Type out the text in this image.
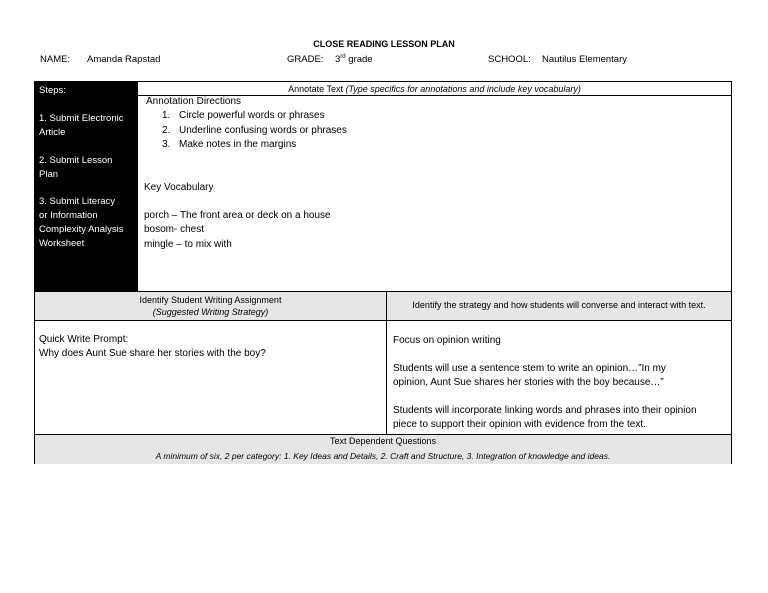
CLOSE READING LESSON PLAN
NAME: Amanda Rapstad	GRADE: 3rd grade	SCHOOL: Nautilus Elementary

Steps:

1. Submit Electronic

Article

2. Submit Lesson

Plan

3. Submit Literacy

or Information

Complexity Analysis

Worksheet

Annotate Text (Type specifics for annotations and include key vocabulary)
Annotation Directions
1. Circle powerful words or phrases
2. Underline confusing words or phrases
3. Make notes in the margins
Key Vocabulary
porch – The front area or deck on a house
bosom- chest
mingle – to mix with
Identify Student Writing Assignment
(Suggested Writing Strategy)
Identify the strategy and how students will converse and interact with text.
Quick Write Prompt:
Why does Aunt Sue share her stories with the boy?
Focus on opinion writing
Students will use a sentence stem to write an opinion…”In my
opinion, Aunt Sue shares her stories with the boy because…”
Students will incorporate linking words and phrases into their opinion
piece to support their opinion with evidence from the text.
Text Dependent Questions
A minimum of six, 2 per category: 1. Key Ideas and Details, 2. Craft and Structure, 3. Integration of knowledge and ideas.
